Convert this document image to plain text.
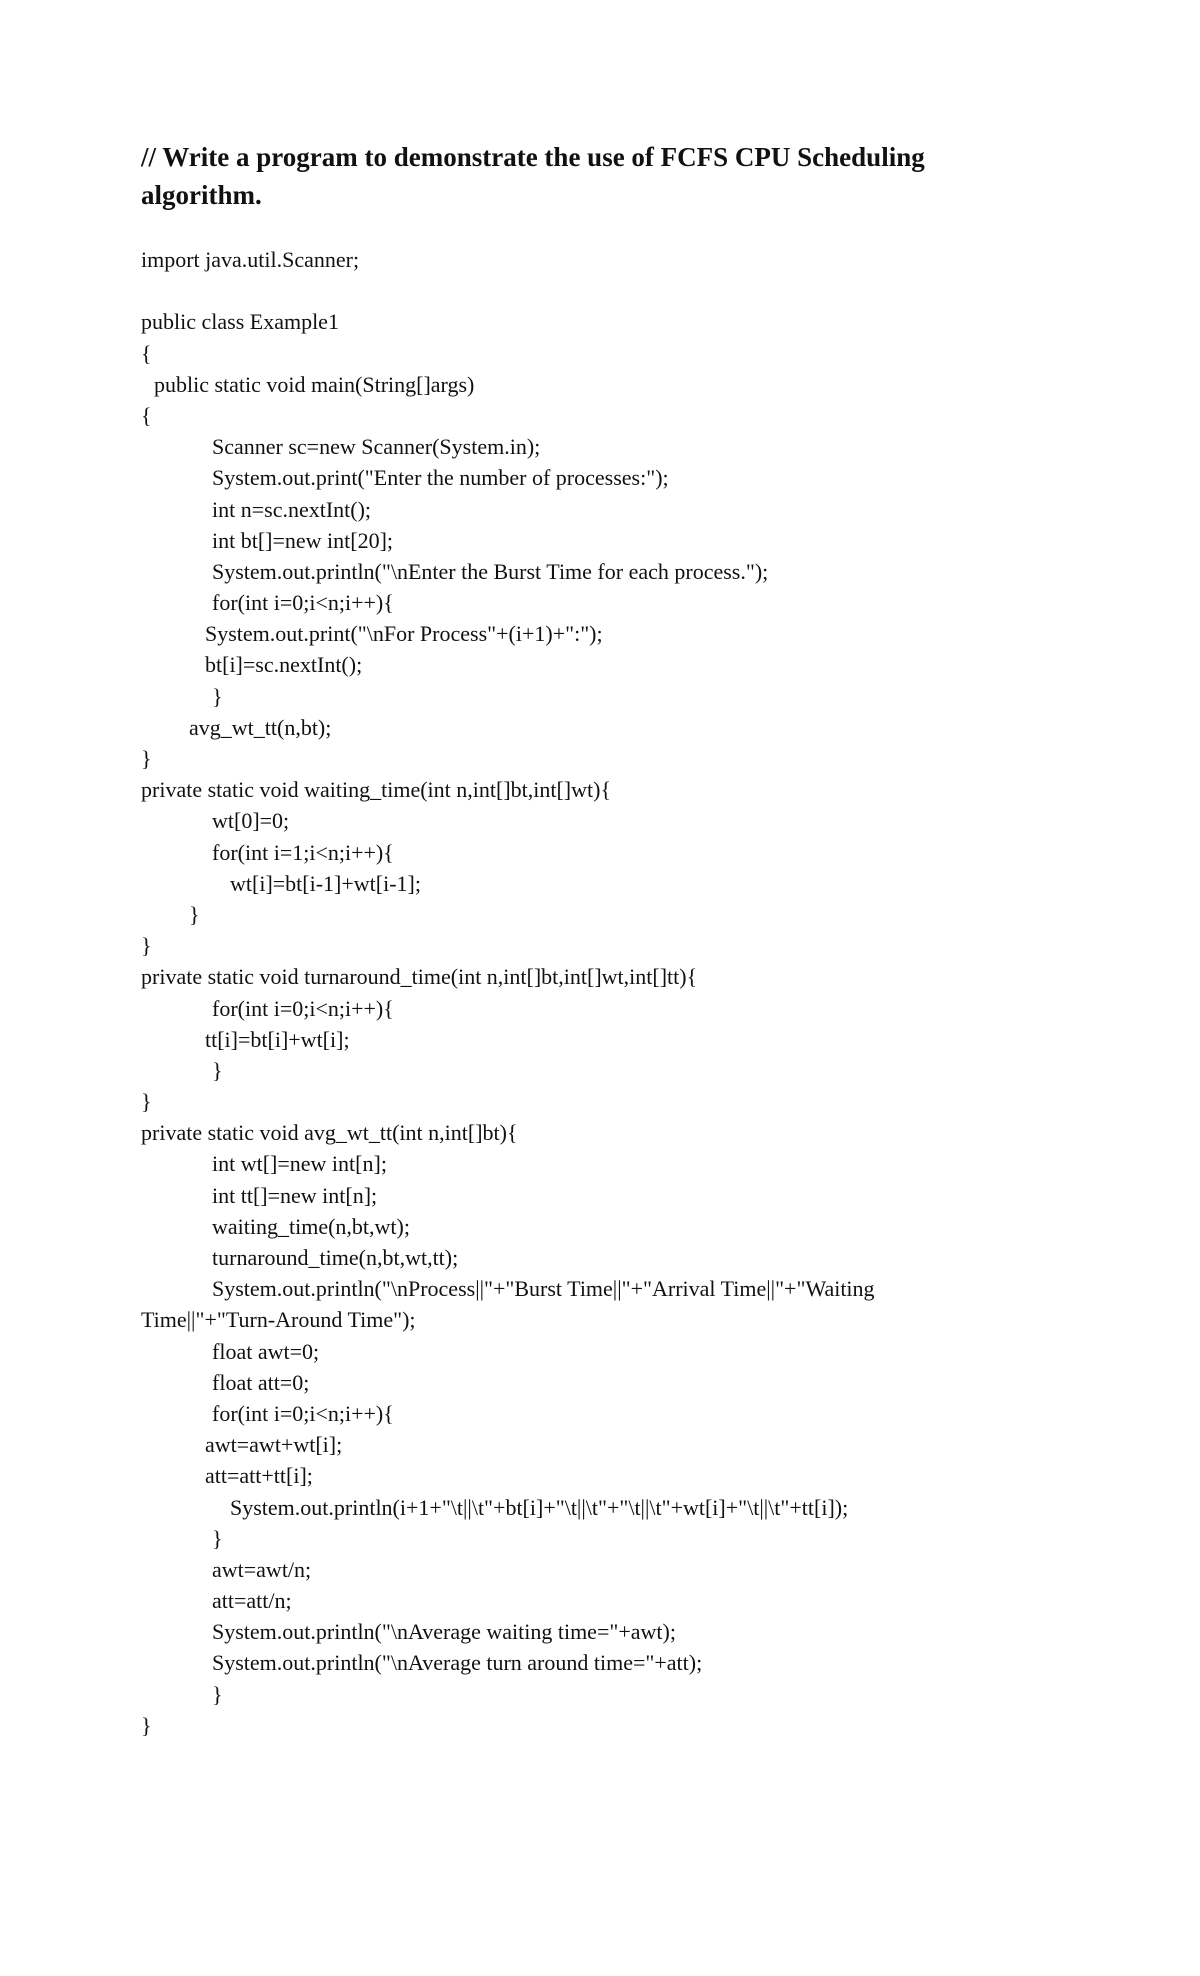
// Write a program to demonstrate the use of FCFS CPU Scheduling algorithm.
import java.util.Scanner;
public class Example1
{
public static void main(String[]args)
{
Scanner sc=new Scanner(System.in);
System.out.print("Enter the number of processes:");
int n=sc.nextInt();
int bt[]=new int[20];
System.out.println("\nEnter the Burst Time for each process.");
for(int i=0;i<n;i++){
System.out.print("\nFor Process"+(i+1)+":");
bt[i]=sc.nextInt();
}
avg_wt_tt(n,bt);
}
private static void waiting_time(int n,int[]bt,int[]wt){
wt[0]=0;
for(int i=1;i<n;i++){
wt[i]=bt[i-1]+wt[i-1];
}
}
private static void turnaround_time(int n,int[]bt,int[]wt,int[]tt){
for(int i=0;i<n;i++){
tt[i]=bt[i]+wt[i];
}
}
private static void avg_wt_tt(int n,int[]bt){
int wt[]=new int[n];
int tt[]=new int[n];
waiting_time(n,bt,wt);
turnaround_time(n,bt,wt,tt);
System.out.println("\nProcess||"+"Burst Time||"+"Arrival Time||"+"Waiting
Time||"+"Turn-Around Time");
float awt=0;
float att=0;
for(int i=0;i<n;i++){
awt=awt+wt[i];
att=att+tt[i];
System.out.println(i+1+"\t||\t"+bt[i]+"\t||\t"+"\t||\t"+wt[i]+"\t||\t"+tt[i]);
}
awt=awt/n;
att=att/n;
System.out.println("\nAverage waiting time="+awt);
System.out.println("\nAverage turn around time="+att);
}
}
